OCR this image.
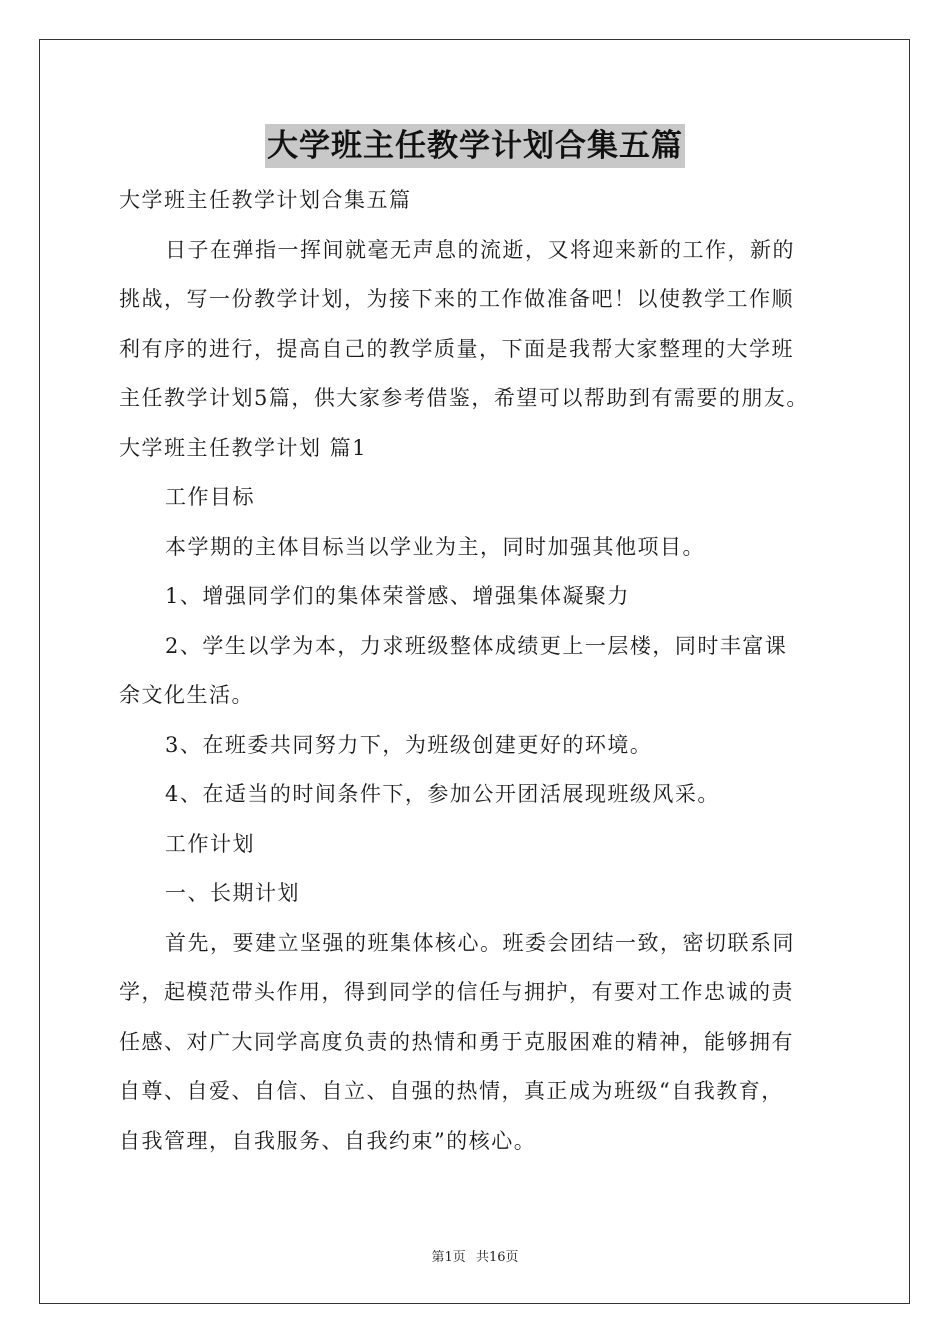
大学班主任教学计划合集五篇
大学班主任教学计划合集五篇
日子在弹指一挥间就毫无声息的流逝，又将迎来新的工作，新的
挑战，写一份教学计划，为接下来的工作做准备吧！以使教学工作顺
利有序的进行，提高自己的教学质量，下面是我帮大家整理的大学班
主任教学计划5篇，供大家参考借鉴，希望可以帮助到有需要的朋友。
大学班主任教学计划 篇1
工作目标
本学期的主体目标当以学业为主，同时加强其他项目。
1、增强同学们的集体荣誉感、增强集体凝聚力
2、学生以学为本，力求班级整体成绩更上一层楼，同时丰富课
余文化生活。
3、在班委共同努力下，为班级创建更好的环境。
4、在适当的时间条件下，参加公开团活展现班级风采。
工作计划
一、长期计划
首先，要建立坚强的班集体核心。班委会团结一致，密切联系同
学，起模范带头作用，得到同学的信任与拥护，有要对工作忠诚的责
任感、对广大同学高度负责的热情和勇于克服困难的精神，能够拥有
自尊、自爱、自信、自立、自强的热情，真正成为班级“自我教育，
自我管理，自我服务、自我约束”的核心。
第1页 共16页
